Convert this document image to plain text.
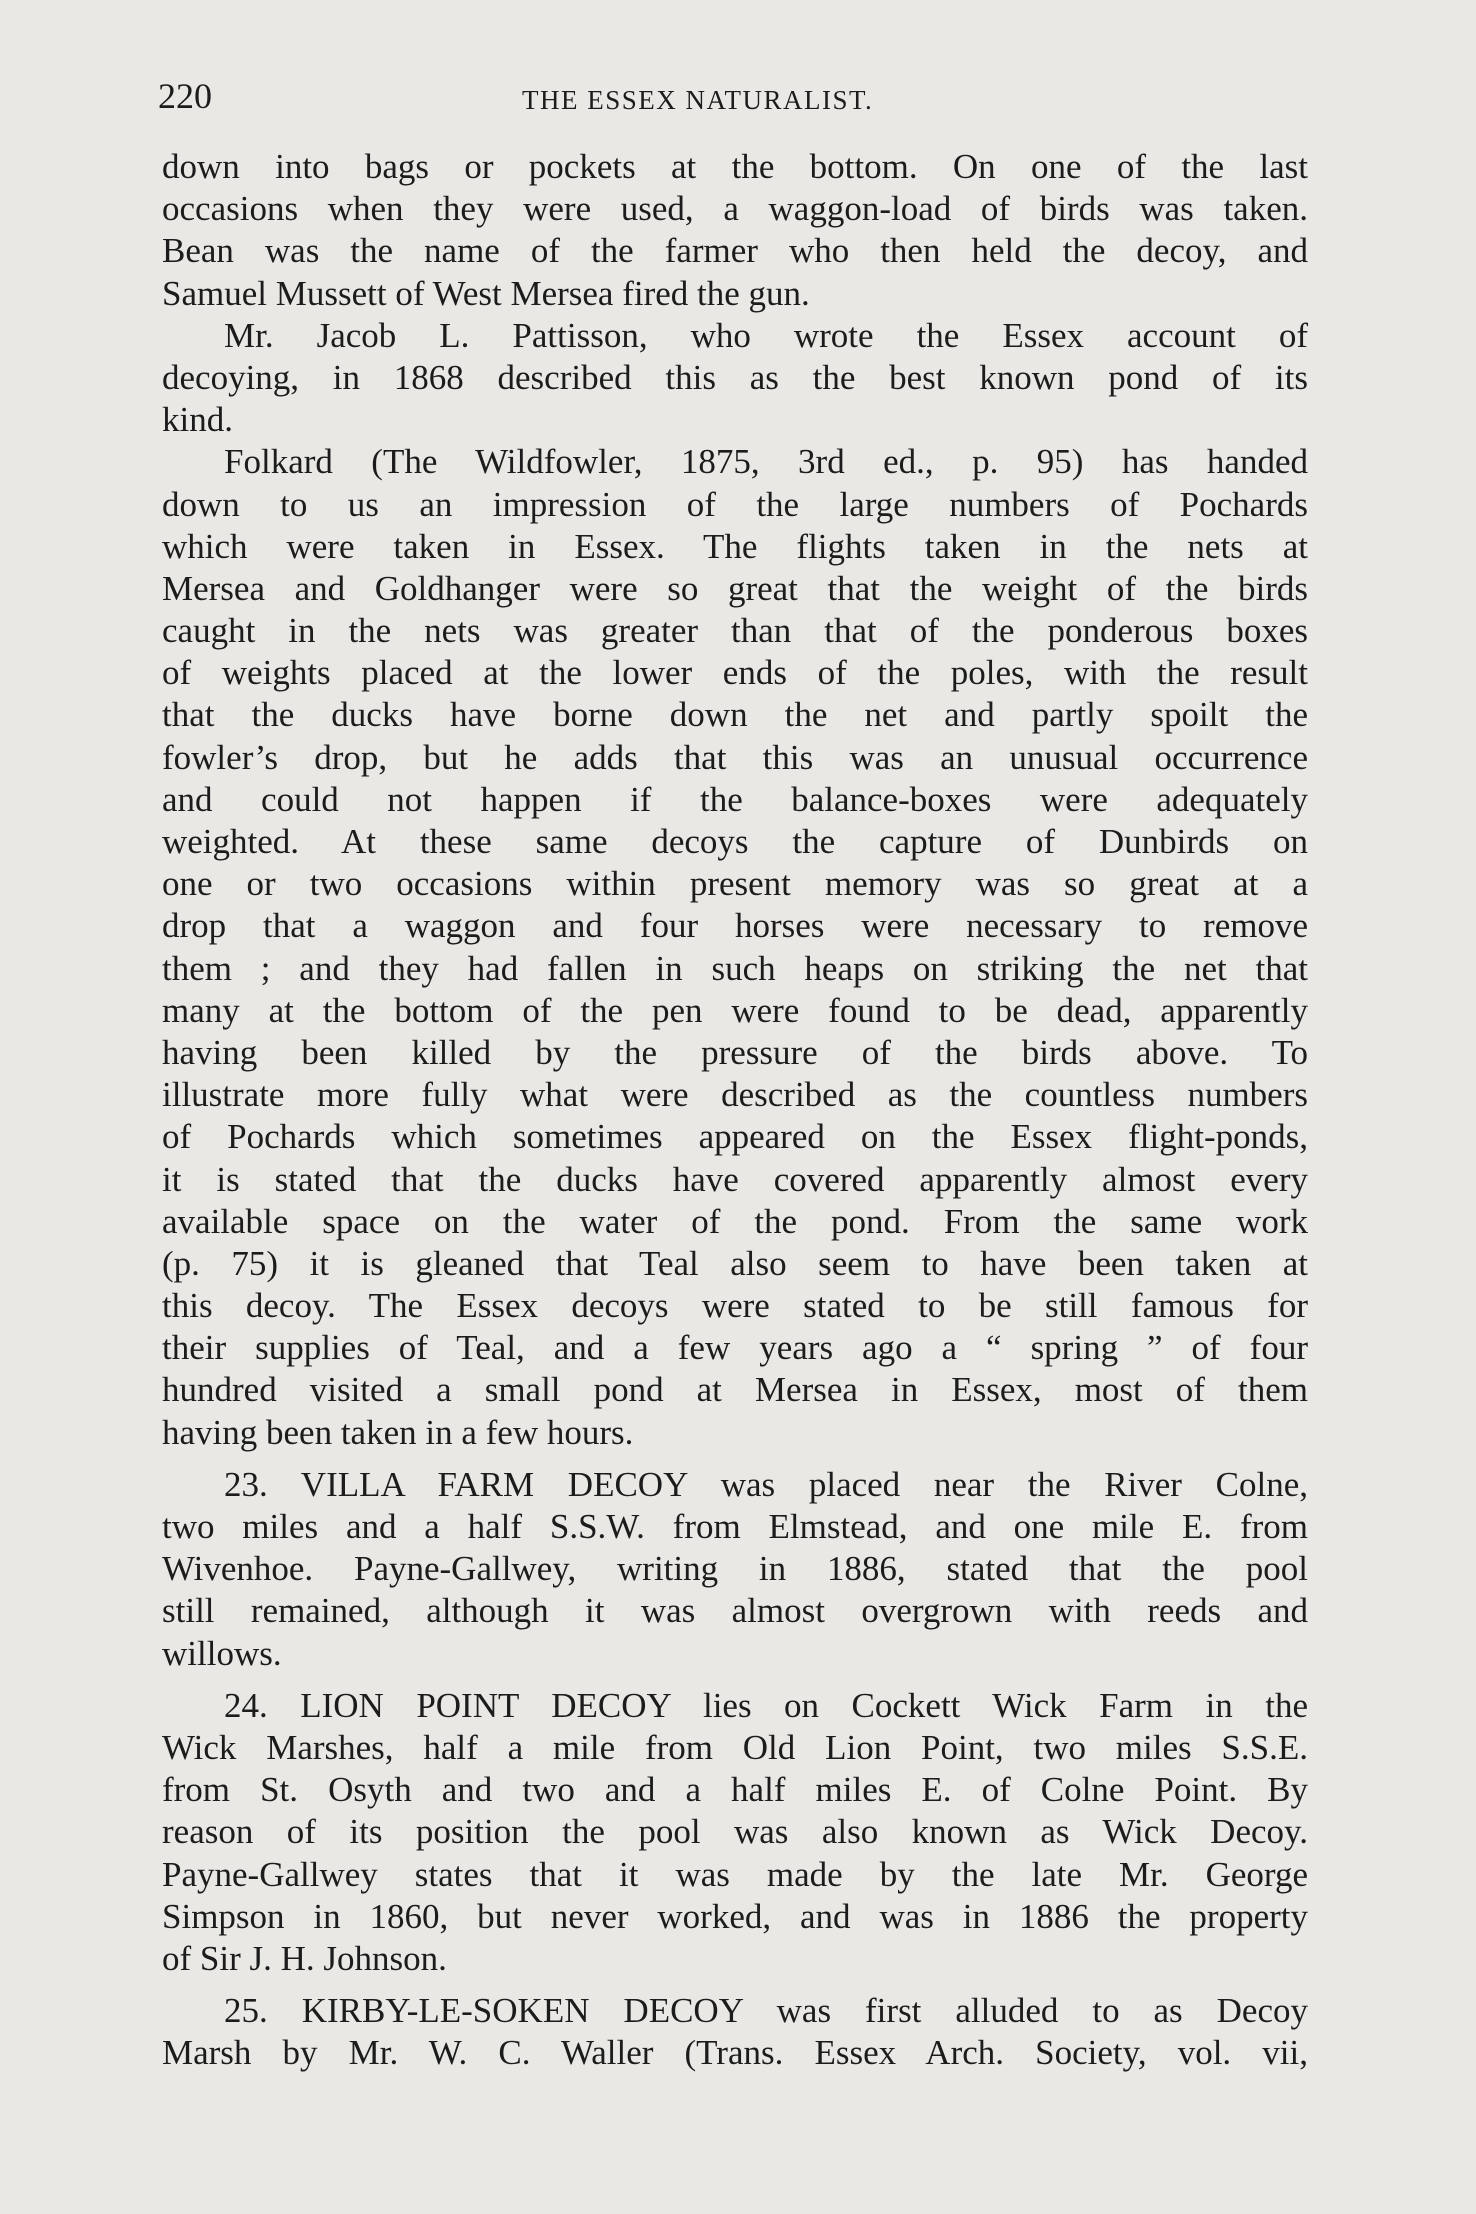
220	THE ESSEX NATURALIST.
down into bags or pockets at the bottom. On one of the last
occasions when they were used, a waggon-load of birds was taken.
Bean was the name of the farmer who then held the decoy, and
Samuel Mussett of West Mersea fired the gun.
Mr. Jacob L. Pattisson, who wrote the Essex account of
decoying, in 1868 described this as the best known pond of its
kind.
Folkard (The Wildfowler, 1875, 3rd ed., p. 95) has handed
down to us an impression of the large numbers of Pochards
which were taken in Essex. The flights taken in the nets at
Mersea and Goldhanger were so great that the weight of the birds
caught in the nets was greater than that of the ponderous boxes
of weights placed at the lower ends of the poles, with the result
that the ducks have borne down the net and partly spoilt the
fowler’s drop, but he adds that this was an unusual occurrence
and could not happen if the balance-boxes were adequately
weighted. At these same decoys the capture of Dunbirds on
one or two occasions within present memory was so great at a
drop that a waggon and four horses were necessary to remove
them ; and they had fallen in such heaps on striking the net that
many at the bottom of the pen were found to be dead, apparently
having been killed by the pressure of the birds above. To
illustrate more fully what were described as the countless numbers
of Pochards which sometimes appeared on the Essex flight-ponds,
it is stated that the ducks have covered apparently almost every
available space on the water of the pond. From the same work
(p. 75) it is gleaned that Teal also seem to have been taken at
this decoy. The Essex decoys were stated to be still famous for
their supplies of Teal, and a few years ago a “ spring ” of four
hundred visited a small pond at Mersea in Essex, most of them
having been taken in a few hours.
23. VILLA FARM DECOY was placed near the River Colne,
two miles and a half S.S.W. from Elmstead, and one mile E. from
Wivenhoe. Payne-Gallwey, writing in 1886, stated that the pool
still remained, although it was almost overgrown with reeds and
willows.
24. LION POINT DECOY lies on Cockett Wick Farm in the
Wick Marshes, half a mile from Old Lion Point, two miles S.S.E.
from St. Osyth and two and a half miles E. of Colne Point. By
reason of its position the pool was also known as Wick Decoy.
Payne-Gallwey states that it was made by the late Mr. George
Simpson in 1860, but never worked, and was in 1886 the property
of Sir J. H. Johnson.
25. KIRBY-LE-SOKEN DECOY was first alluded to as Decoy
Marsh by Mr. W. C. Waller (Trans. Essex Arch. Society, vol. vii,
